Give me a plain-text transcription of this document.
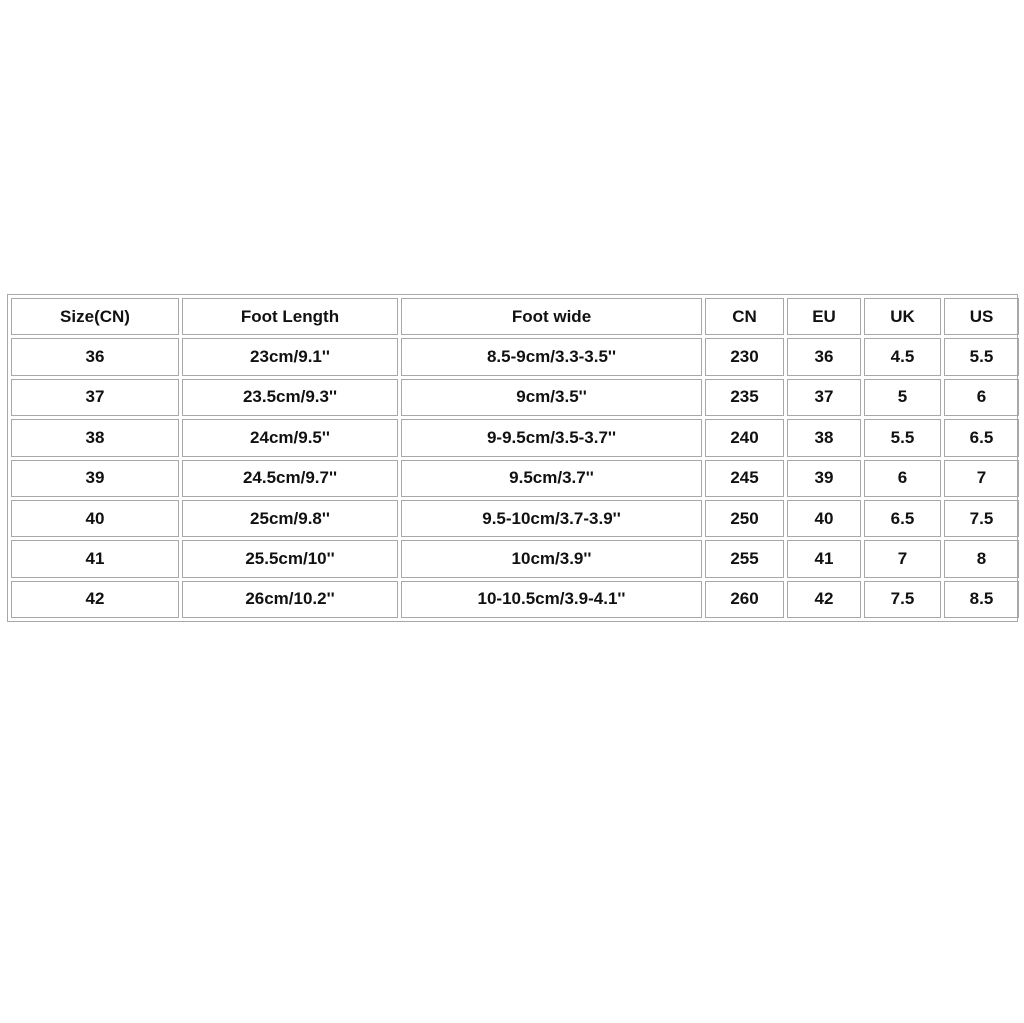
Size(CN)	Foot Length	Foot wide	CN	EU	UK	US
36	23cm/9.1''	8.5-9cm/3.3-3.5''	230	36	4.5	5.5
37	23.5cm/9.3''	9cm/3.5''	235	37	5	6
38	24cm/9.5''	9-9.5cm/3.5-3.7''	240	38	5.5	6.5
39	24.5cm/9.7''	9.5cm/3.7''	245	39	6	7
40	25cm/9.8''	9.5-10cm/3.7-3.9''	250	40	6.5	7.5
41	25.5cm/10''	10cm/3.9''	255	41	7	8
42	26cm/10.2''	10-10.5cm/3.9-4.1''	260	42	7.5	8.5
